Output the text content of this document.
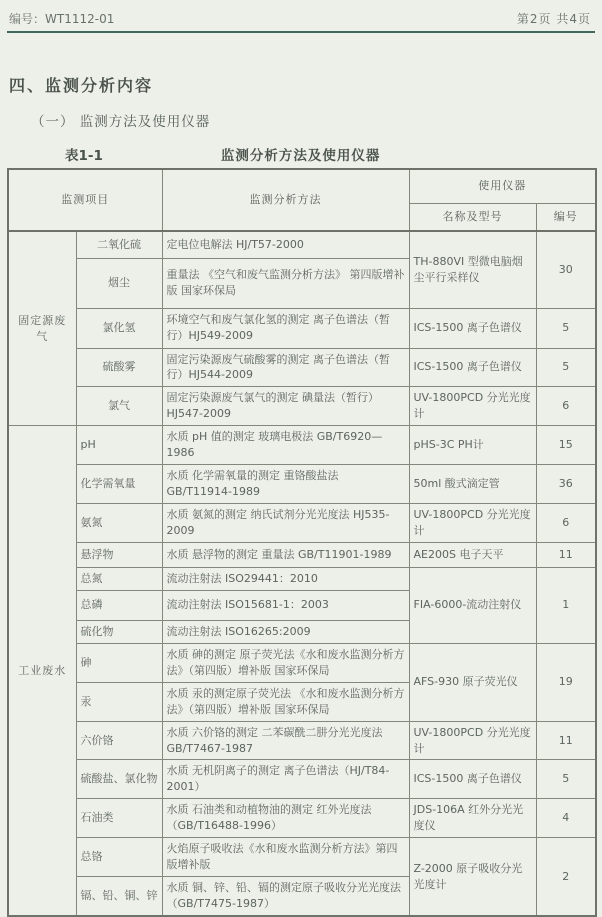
编号：WT1112-01	第2页 共4页
四、监测分析内容
（一） 监测方法及使用仪器
表1-1	监测分析方法及使用仪器
监测项目		监测分析方法	使用仪器	
			名称及型号	编号
固定源废气	二氧化硫	定电位电解法 HJ/T57-2000	TH-880VI 型微电脑烟尘平行采样仪	30
	烟尘	重量法 《空气和废气监测分析方法》 第四版增补版 国家环保局		
	氯化氢	环境空气和废气氯化氢的测定 离子色谱法（暂行）HJ549-2009	ICS-1500 离子色谱仪	5
	硫酸雾	固定污染源废气硫酸雾的测定 离子色谱法（暂行）HJ544-2009	ICS-1500 离子色谱仪	5
	氯气	固定污染源废气氯气的测定 碘量法（暂行）HJ547-2009	UV-1800PCD 分光光度计	6
工业废水	pH	水质 pH 值的测定 玻璃电极法 GB/T6920—1986	pHS-3C PH计	15
	化学需氧量	水质 化学需氧量的测定 重铬酸盐法 GB/T11914-1989	50ml 酸式滴定管	36
	氨氮	水质 氨氮的测定 纳氏试剂分光光度法 HJ535-2009	UV-1800PCD 分光光度计	6
	悬浮物	水质 悬浮物的测定 重量法 GB/T11901-1989	AE200S 电子天平	11
	总氮	流动注射法 ISO29441：2010	FIA-6000-流动注射仪	1
	总磷	流动注射法 ISO15681-1：2003		
	硫化物	流动注射法 ISO16265:2009		
	砷	水质 砷的测定 原子荧光法《水和废水监测分析方法》（第四版）增补版 国家环保局	AFS-930 原子荧光仪	19
	汞	水质 汞的测定原子荧光法 《水和废水监测分析方法》（第四版）增补版 国家环保局		
	六价铬	水质 六价铬的测定 二苯碳酰二肼分光光度法 GB/T7467-1987	UV-1800PCD 分光光度计	11
	硫酸盐、氯化物	水质 无机阴离子的测定 离子色谱法（HJ/T84-2001）	ICS-1500 离子色谱仪	5
	石油类	水质 石油类和动植物油的测定 红外光度法（GB/T16488-1996）	JDS-106A 红外分光光度仪	4
	总铬	火焰原子吸收法《水和废水监测分析方法》第四版增补版	Z-2000 原子吸收分光光度计	2
	镉、铅、铜、锌	水质 铜、锌、铅、镉的测定原子吸收分光光度法（GB/T7475-1987）		
